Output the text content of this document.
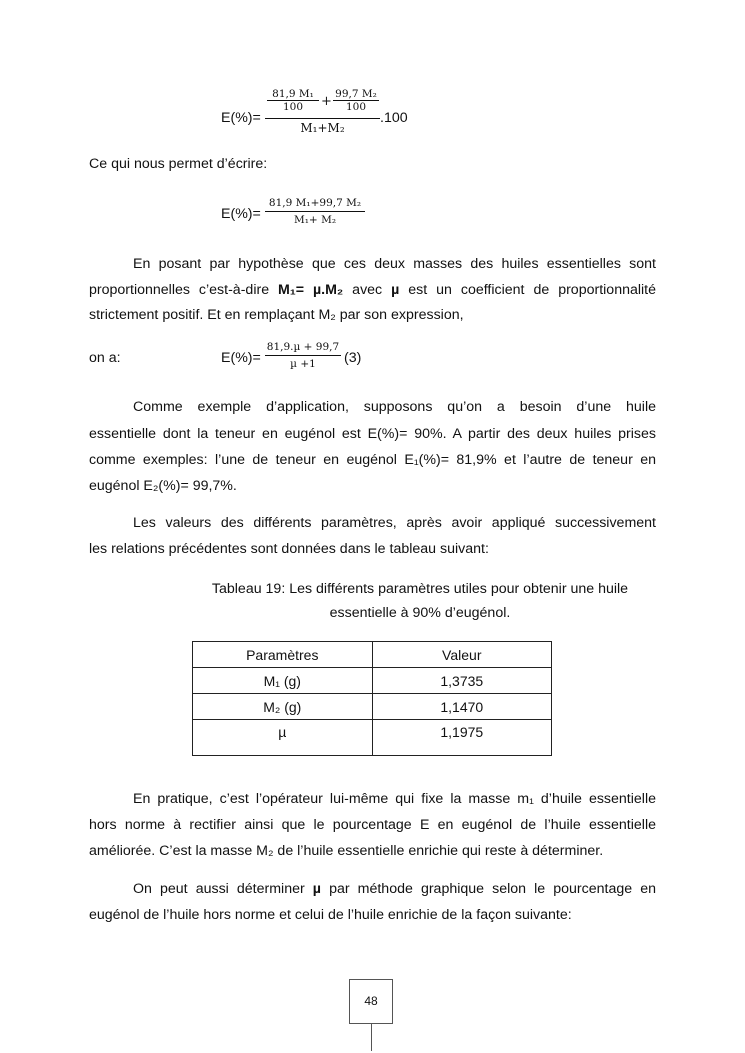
E(%)=
81,9 M₁
100	+ 99,7 M₂
100
M₁+M₂
.100
Ce qui nous permet d’écrire:
E(%)=
81,9 M₁+99,7 M₂
M₁+ M₂
En posant par hypothèse que ces deux masses des huiles essentielles sont
proportionnelles c’est-à-dire M₁= µ.M₂ avec µ est un coefficient de proportionnalité
strictement positif. Et en remplaçant M₂ par son expression,
on a:	E(%)=
81,9.µ + 99,7
µ +1	(3)
Comme exemple d’application, supposons qu’on a besoin d’une huile
essentielle dont la teneur en eugénol est E(%)= 90%. A partir des deux huiles prises
comme exemples: l’une de teneur en eugénol E₁(%)= 81,9% et l’autre de teneur en
eugénol E₂(%)= 99,7%.
Les valeurs des différents paramètres, après avoir appliqué successivement
les relations précédentes sont données dans le tableau suivant:
Tableau 19: Les différents paramètres utiles pour obtenir une huile
essentielle à 90% d’eugénol.
Paramètres	Valeur
M₁ (g)	1,3735
M₂ (g)	1,1470
µ	1,1975
En pratique, c’est l’opérateur lui-même qui fixe la masse m₁ d’huile essentielle
hors norme à rectifier ainsi que le pourcentage E en eugénol de l’huile essentielle
améliorée. C’est la masse M₂ de l’huile essentielle enrichie qui reste à déterminer.
On peut aussi déterminer µ par méthode graphique selon le pourcentage en
eugénol de l’huile hors norme et celui de l’huile enrichie de la façon suivante:
48
